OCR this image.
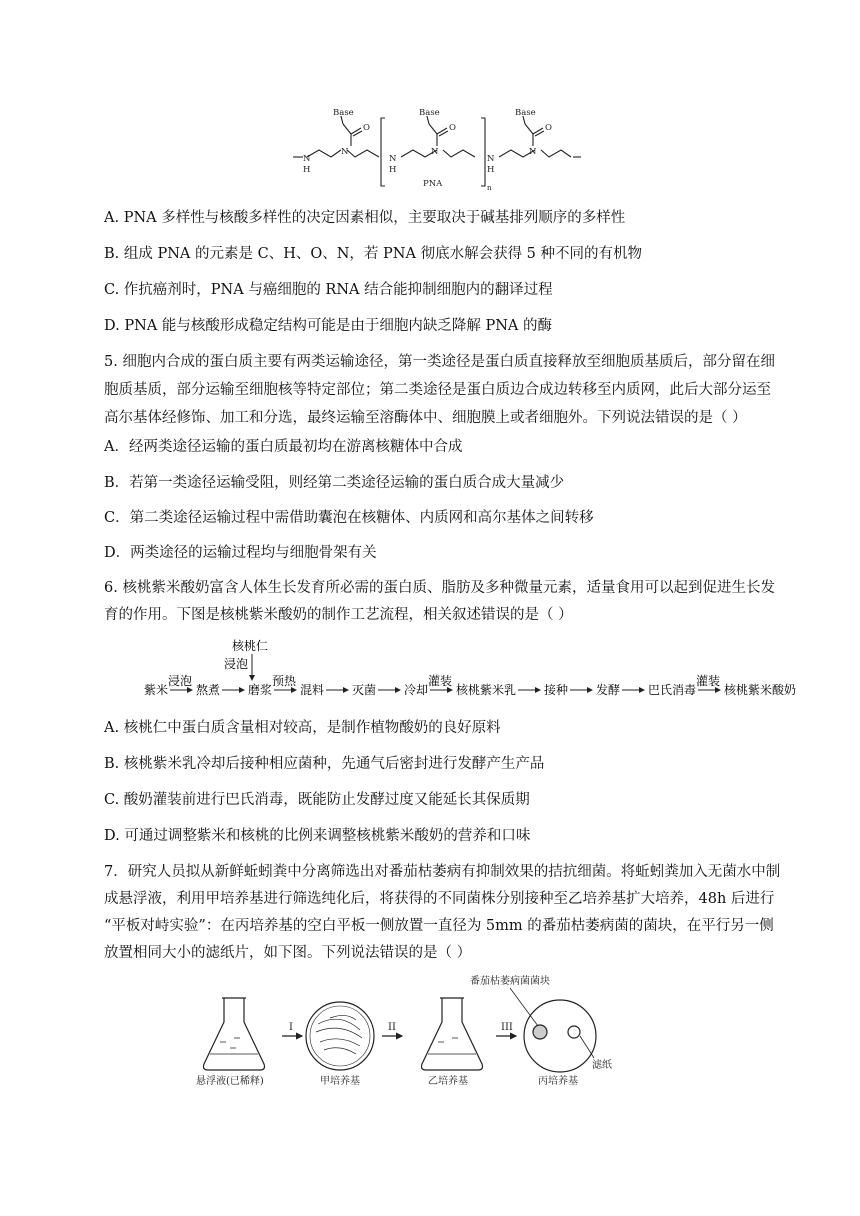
Base	Base	Base
O	O	O
N	N	N
N
H
N
H
N
H
PNA	n
A. PNA 多样性与核酸多样性的决定因素相似，主要取决于碱基排列顺序的多样性
B. 组成 PNA 的元素是 C、H、O、N，若 PNA 彻底水解会获得 5 种不同的有机物
C. 作抗癌剂时，PNA 与癌细胞的 RNA 结合能抑制细胞内的翻译过程
D. PNA 能与核酸形成稳定结构可能是由于细胞内缺乏降解 PNA 的酶
5. 细胞内合成的蛋白质主要有两类运输途径，第一类途径是蛋白质直接释放至细胞质基质后，部分留在细
胞质基质，部分运输至细胞核等特定部位；第二类途径是蛋白质边合成边转移至内质网，此后大部分运至
高尔基体经修饰、加工和分选，最终运输至溶酶体中、细胞膜上或者细胞外。下列说法错误的是（ ）
A．经两类途径运输的蛋白质最初均在游离核糖体中合成
B．若第一类途径运输受阻，则经第二类途径运输的蛋白质合成大量减少
C．第二类途径运输过程中需借助囊泡在核糖体、内质网和高尔基体之间转移
D．两类途径的运输过程均与细胞骨架有关
6. 核桃紫米酸奶富含人体生长发育所必需的蛋白质、脂肪及多种微量元素，适量食用可以起到促进生长发
育的作用。下图是核桃紫米酸奶的制作工艺流程，相关叙述错误的是（ ）
核桃仁
浸泡
紫米
浸泡
熬煮 磨浆
预热
混料 灭菌 冷却
灌装
核桃紫米乳 接种 发酵 巴氏消毒
灌装
核桃紫米酸奶
A. 核桃仁中蛋白质含量相对较高，是制作植物酸奶的良好原料
B. 核桃紫米乳冷却后接种相应菌种，先通气后密封进行发酵产生产品
C. 酸奶灌装前进行巴氏消毒，既能防止发酵过度又能延长其保质期
D. 可通过调整紫米和核桃的比例来调整核桃紫米酸奶的营养和口味
7．研究人员拟从新鲜蚯蚓粪中分离筛选出对番茄枯萎病有抑制效果的拮抗细菌。将蚯蚓粪加入无菌水中制
成悬浮液，利用甲培养基进行筛选纯化后，将获得的不同菌株分别接种至乙培养基扩大培养，48h 后进行
“平板对峙实验”：在丙培养基的空白平板一侧放置一直径为 5mm 的番茄枯萎病菌的菌块，在平行另一侧
放置相同大小的滤纸片，如下图。下列说法错误的是（ ）
I	II	III
番茄枯萎病菌菌块
滤纸
悬浮液(已稀释)	甲培养基	乙培养基	丙培养基
